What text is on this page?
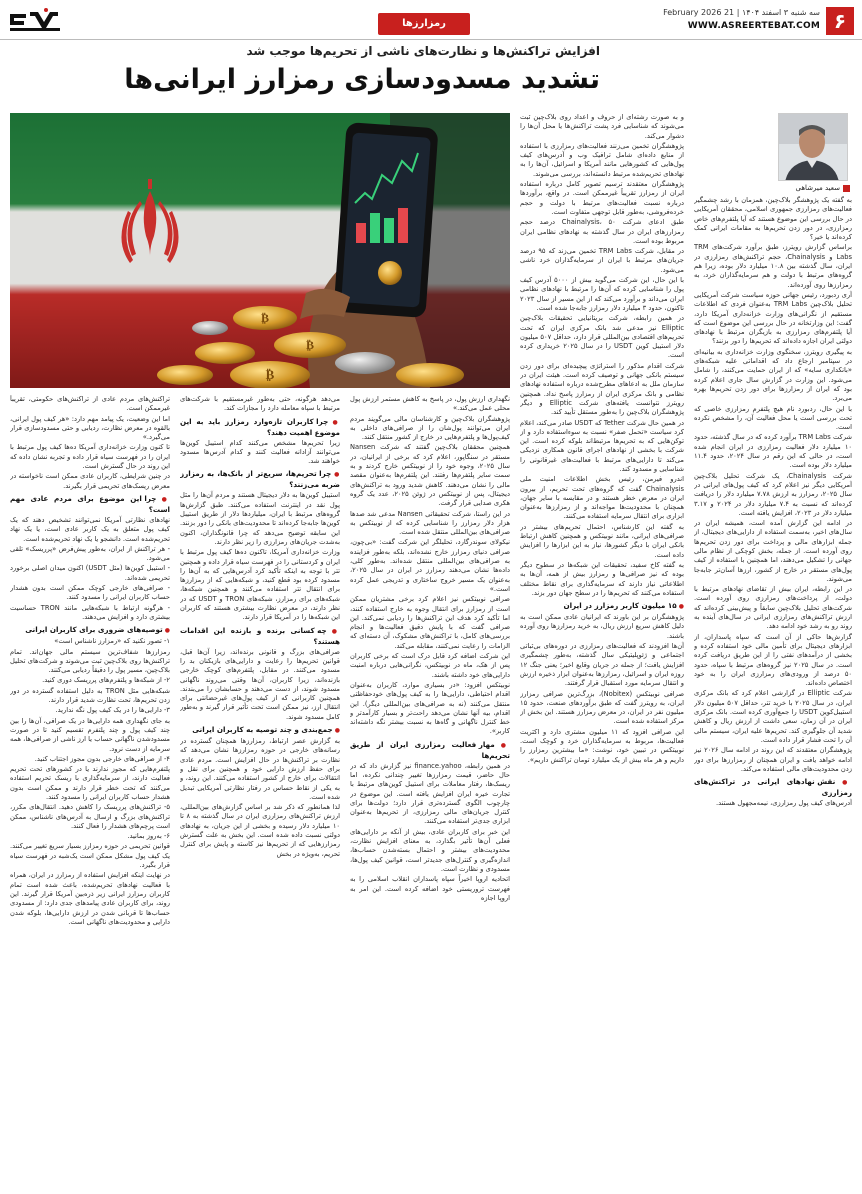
۶
سه شنبه ۳ اسفند ۱۴۰۴ | 21 February 2026
WWW.ASREERTEBAT.COM
رمزارزها
افزایش تراکنش‌ها و نظارت‌های ناشی از تحریم‌ها موجب شد
تشدید مسدودسازی رمزارز ایرانی‌ها
سعید میرشاهی
₿
₿
₿

به گفته یک پژوهشگر بلاک‌چین، همزمان با رشد چشمگیر فعالیت‌های رمزارزی جمهوری اسلامی، محققان آمریکایی در حال بررسی این موضوع هستند که آیا پلتفرم‌های خاص رمزارزی، در دور زدن تحریم‌ها به مقامات ایرانی کمک کرده‌اند یا خیر؟

براساس گزارش رویترز، طبق برآورد شرکت‌های TRM Labs و Chainalysis، حجم تراکنش‌های رمزارزی در ایران، سال گذشته بین ۱۰.۸ میلیارد دلار بوده، زیرا هم گروه‌های مرتبط با دولت و هم سرمایه‌گذاران خرد، به رمزارزها روی آورده‌اند.

آری ردبورد، رئیس جهانی حوزه سیاست شرکت آمریکایی تحلیل بلاک‌چین TRM Labs به‌عنوان فردی که اطلاعات مستقیم از نگرانی‌های وزارت خزانه‌داری آمریکا دارد، گفت: این وزارتخانه در حال بررسی این موضوع است که آیا پلتفرم‌های رمزارزی به بازیگران مرتبط با نهادهای دولتی ایران اجازه داده‌اند که تحریم‌ها را دور بزنند؟

به پیگیری رویترز، سخنگوی وزارت خزانه‌داری به بیانیه‌ای در سپتامبر ارجاع داد که اقداماتی علیه شبکه‌های «بانکداری سایه» که از ایران حمایت می‌کنند، را شامل می‌شود. این وزارت در گزارش سال جاری اعلام کرده بود که ایران از رمزارزها برای دور زدن تحریم‌ها بهره می‌برد.

با این حال، ردبورد نام هیچ پلتفرم رمزارزی خاصی که تحت بررسی است یا محل فعالیت آن، را مشخص نکرده است.

شرکت TRM Labs برآورد کرده که در سال گذشته، حدود ۱۰ میلیارد دلار فعالیت رمزارزی در ایران انجام شده است، در حالی که این رقم در سال ۲۰۲۴، حدود ۱۱.۴ میلیارد دلار بوده است.

شرکت Chainalysis، یک شرکت تحلیل بلاک‌چین آمریکایی دیگر نیز اعلام کرد که کیف پول‌های ایرانی در سال ۲۰۲۵، رمزارز به ارزش ۷.۷۸ میلیارد دلار را دریافت کرده‌اند که نسبت به ۷.۴ میلیارد دلار در ۲۰۲۴ و ۳.۱۷ میلیارد دلار در ۲۰۲۳، افزایش یافته است.

در ادامه این گزارش آمده است، همیشه ایران در سال‌های اخیر، به‌سمت استفاده از دارایی‌های دیجیتال، از جمله ابزارهای مالی و پرداخت برای دور زدن تحریم‌ها روی آورده است. از جمله، بخش کوچکی از نظام مالی جهانی را تشکیل می‌دهند، اما همچنین با استفاده از کیف پول‌های مستقر در خارج از کشور، ارزها آسان‌تر جابه‌جا می‌شوند.

در این رابطه، ایران بیش از تقاضای نهادهای مرتبط با دولت، از پرداخت‌های رمزارزی روی آورده است. شرکت‌های تحلیل بلاک‌چین سابقاً و پیش‌بینی کرده‌اند که ارزش تراکنش‌های رمزارزی ایرانی در سال‌های آینده به روند رو به رشد خود ادامه دهد.

گزارش‌ها حاکی از آن است که سپاه پاسداران، از ابزارهای دیجیتال برای تأمین مالی خود استفاده کرده و بخشی از درآمدهای نفتی را از این طریق دریافت کرده است. در سال ۲۰۲۵ نیز گروه‌های مرتبط با سپاه، حدود ۵۰ درصد از ورودی‌های رمزارزی ایران را به خود اختصاص داده‌اند.

شرکت Elliptic در گزارشی اعلام کرد که بانک مرکزی ایران، در سال ۲۰۲۵ با خرید تتر، حداقل ۵۰۷ میلیون دلار استیبل‌کوین USDT را جمع‌آوری کرده است. بانک مرکزی ایران در آن زمان، سعی داشت از ارزش ریال و کاهش شدید آن جلوگیری کند. تحریم‌ها علیه ایران، سیستم مالی آن را تحت فشار قرار داده است.

پژوهشگران معتقدند که این روند در ادامه سال ۲۰۲۶ نیز ادامه خواهد یافت و ایران همچنان از رمزارزها برای دور زدن محدودیت‌های مالی استفاده می‌کند.

● نقش نهادهای ایرانی در تراکنش‌های رمزارزی

آدرس‌های کیف پول رمزارزی، نیمه‌مجهول هستند.

و به صورت رشته‌ای از حروف و اعداد روی بلاک‌چین ثبت می‌شوند که شناسایی فرد پشت تراکنش‌ها یا محل آن‌ها را دشوار می‌کند.

پژوهشگران تخمین می‌زنند فعالیت‌های رمزارزی با استفاده از منابع داده‌ای شامل ترافیک وب و آدرس‌های کیف پول‌هایی که کشورهایی مانند آمریکا و اسرائیل، آن‌ها را به نهادهای تحریم‌شده مرتبط دانسته‌اند، بررسی می‌شوند.

پژوهشگران معتقدند ترسیم تصویر کامل درباره استفاده ایران از رمزارز تقریباً غیرممکن است. در واقع، برآوردها درباره نسبت فعالیت‌های مرتبط با دولت و حجم خرده‌فروشی، به‌طور قابل توجهی متفاوت است.

طبق ادعای شرکت Chainalysis، ۵۰ درصد حجم رمزارزهای ایران در سال گذشته به نهادهای نظامی ایران مربوط بوده است.

در مقابل، شرکت TRM Labs تخمین می‌زند که ۹۵ درصد جریان‌های مرتبط با ایران از سرمایه‌گذاران خرد ناشی می‌شود.

با این حال، این شرکت می‌گوید بیش از ۵۰۰۰ آدرس کیف پول را شناسایی کرده که آن‌ها را مرتبط با نهادهای نظامی ایران می‌داند و برآورد می‌کند که از این مسیر از سال ۲۰۲۳ تاکنون، حدود ۳ میلیارد دلار رمزارز جابه‌جا شده است.

در همین رابطه، شرکت بریتانیایی تحقیقات بلاک‌چین Elliptic نیز مدعی شد بانک مرکزی ایران که تحت تحریم‌های اقتصادی بین‌المللی قرار دارد، حداقل ۵۰۷ میلیون دلار استیبل کوین USDT را در سال ۲۰۲۵ خریداری کرده است.

شرکت اقدام مذکور را استراتژی پیچیده‌ای برای دور زدن سیستم بانکی جهانی و توصیف کرده است. هیئت ایران در سازمان ملل به ادعاهای مطرح‌شده درباره استفاده نهادهای نظامی و بانک مرکزی ایران از رمزارز پاسخ نداد. همچنین رویترز نتوانست یافته‌های شرکت Elliptic و دیگر پژوهشگران بلاک‌چین را به‌طور مستقل تأیید کند.

در همین حال شرکت Tether که USDT صادر می‌کند، اعلام کرد سیاست «تحمل صفر» نسبت به سوءاستفاده دارد و از توکن‌هایی که به تحریم‌ها مرتبط‌اند بلوکه کرده است. این شرکت با بخشی از نهادهای اجرای قانون همکاری نزدیکی می‌کند تا دارایی‌های مرتبط با فعالیت‌های غیرقانونی را شناسایی و مسدود کند.

اندرو فیرمن، رئیس بخش اطلاعات امنیت ملی Chainalysis گفت که گروه‌های تحت تحریم، از بیرون ایران در معرض خطر هستند و در مقایسه با سایر جهان، همچنان با محدودیت‌ها مواجه‌اند و از رمزارزها به‌عنوان ابزاری برای انتقال سرمایه استفاده می‌کنند.

به گفته این کارشناس، احتمال تحریم‌های بیشتر در صرافی‌های ایرانی، مانند نوبیتکس و همچنین کاهش ارتباط بانکی ایران با دیگر کشورها، نیاز به این ابزارها را افزایش داده است.

به گفته کاخ سفید، تحقیقات این شبکه‌ها در سطوح دیگر بوده که نیز صرافی‌ها و رمزارز بیش از همه، آن‌ها به اطلاعاتی نیاز دارند که سرمایه‌گذاری برای نقاط مختلف استفاده می‌کنند که تحریم‌ها را در سطح جهان دور بزند.

● ۱۵ میلیون کاربر رمزارز در ایران

پژوهشگران بر این باورند که ایرانیان عادی ممکن است به دلیل کاهش سریع ارزش ریال، به خرید رمزارزها روی آورده باشند.

آن‌ها افزودند که فعالیت‌های رمزارزی در دوره‌های بی‌ثباتی اجتماعی و ژئوپلیتیکی سال گذشته، به‌طور چشمگیری افزایش یافت؛ از جمله در جریان وقایع اخیر؛ یعنی جنگ ۱۲ روزه ایران و اسرائیل، رمزارزها به‌عنوان ابزار ذخیره ارزش و انتقال سرمایه مورد استقبال قرار گرفتند.

صرافی نوبیتکس (Nobitex)، بزرگ‌ترین صرافی رمزارز ایران، به رویترز گفت که طبق برآوردهای صنعت، حدود ۱۵ میلیون نفر در ایران، در معرض رمزارز هستند. این بخش از مرکز استفاده شده است.

این صرافی افزود که ۱۱ میلیون مشتری دارد و اکثریت فعالیت‌ها، مربوط به سرمایه‌گذاران خرد و کوچک است. نوبیتکس در تبیین خود، نوشت: «ما بیشترین رمزارز را داریم و هر ماه بیش از یک میلیارد تومان تراکنش داریم».

نگهداری ارزش پول، در پاسخ به کاهش مستمر ارزش پول محلی عمل می‌کند.»

پژوهشگران بلاک‌چین و کارشناسان مالی می‌گویند مردم ایران می‌توانند پول‌شان را از صرافی‌های داخلی به کیف‌پول‌ها و پلتفرم‌هایی در خارج از کشور منتقل کنند.

همچنین محققان بلاک‌چین گفتند که شرکت Nansen مستقر در سنگاپور، اعلام کرد که برخی از ایرانیان، در سال ۲۰۲۵، وجوه خود را از نوبیتکس خارج کردند و به سمت سایر پلتفرم‌ها رفتند. این پلتفرم‌ها به‌عنوان مقصد مالی را نشان می‌دهند. کاهش شدید ورود به تراکنش‌های دیجیتال، پس از نوبیتکس در ژوئن ۲۰۲۵، عدد یک گروه هکری صدایی قرار گرفت.

در این راستا، شرکت تحقیقاتی Nansen مدعی شد صدها هزار دلار رمزارز را شناسایی کرده که از نوبیتکس به صرافی‌های بین‌المللی منتقل شده است.

نیکولای سوندرگارد، تحلیلگر این شرکت گفت: «بی‌چون، صرافی دنیای رمزارز خارج نشده‌اند، بلکه به‌طور فزاینده به صرافی‌های بین‌المللی منتقل شده‌اند. به‌طور کلی، داده‌ها نشان می‌دهند رمزارز در ایران در سال ۲۰۲۵، به‌عنوان یک مسیر خروج ساختاری و تدریجی عمل کرده است.»

صرافی نوبیتکس نیز اعلام کرد برخی مشتریان ممکن است از رمزارز برای انتقال وجوه به خارج استفاده کنند، اما تأکید کرد هدف این تراکنش‌ها را ردیابی نمی‌کند. این صرافی گفت که با پایش دقیق فعالیت‌ها و انجام بررسی‌های کامل، با تراکنش‌های مشکوک، آن دسته‌ای که الزامات را رعایت نمی‌کنند، مقابله می‌کند.

این شرکت اضافه کرد قابل درک است که برخی کاربران پس از هک، ماه در نوبیتکس، نگرانی‌هایی درباره امنیت دارایی‌های خود داشته باشند.

نوبیتکس افزود: «در بسیاری موارد، کاربران به‌عنوان اقدام احتیاطی، دارایی‌ها را به کیف پول‌های خودحفاظتی منتقل می‌کنند (نه به صرافی‌های بین‌المللی دیگر). این اقدام، بیه آنها نشان می‌دهد راحت‌تر و بسیار کارآمدتر و خط کنترل ناگهانی و گاه‌ها به نسبت بیشتر نگه داشته‌اند کاربر».

● مهار فعالیت رمزارزی ایران از طریق تحریم‌ها

در همین رابطه، finance.yahoo نیز گزارش داد که در حال حاضر، قیمت رمزارزها تغییر چندانی نکرده، اما ریسک‌ها، رفتار معاملات برای استیبل کوین‌های مرتبط با تجارت خیره ایران افزایش یافته است. این موضوع در چارچوب الگوی گسترده‌تری قرار دارد؛ دولت‌ها برای کنترل جریان‌های مالی رمزارزی، از تحریم‌ها به‌عنوان ابزاری جدی‌تر استفاده می‌کنند.

این خبر برای کاربران عادی، بیش از آنکه بر دارایی‌های فعلی آن‌ها تأثیر بگذارد، به معنای افزایش نظارت، محدودیت‌های بیشتر و احتمال بسته‌شدن حساب‌ها، اندازه‌گیری و کنترل‌های جدیدتر است، قوانین کیف پول‌ها، مسدودی و نظارت است.

اتحادیه اروپا اخیراً سپاه پاسداران انقلاب اسلامی را به فهرست تروریستی خود اضافه کرده است. این امر به اروپا اجازه

می‌دهد هرگونه، حتی به‌طور غیرمستقیم با شرکت‌های مرتبط با سپاه معامله دارد را مجازات کند.

● چرا کاربران تازه‌وارد رمزارز باید به این موضوع اهمیت دهند؟

زیرا تحریم‌ها مشخص می‌کنند کدام استیبل کوین‌ها می‌توانند آزادانه فعالیت کنند و کدام آدرس‌ها مسدود خواهند شد.

● چرا تحریم‌ها، سریع‌تر از بانک‌ها، به رمزارز ضربه می‌زنند؟

استیبل کوین‌ها به دلار دیجیتال هستند و مردم آن‌ها را مثل پول نقد در اینترنت استفاده می‌کنند. طبق گزارش‌ها گروه‌های مرتبط با ایران، میلیاردها دلار از طریق استیبل کوین‌ها جابه‌جا کرده‌اند تا محدودیت‌های بانکی را دور بزنند. این سابقه توضیح می‌دهد که چرا قانونگذاران، اکنون به‌شدت جریان‌های رمزارزی را زیر نظر دارند.

وزارت خزانه‌داری آمریکا، تاکنون ده‌ها کیف پول مرتبط با ایران و کردستانی را در فهرست سیاه قرار داده و همچنین تتر با توجه به اینکه تأکید کرد آدرس‌هایی که به آن‌ها را مسدود کرده بود قطع کنید، و شبکه‌هایی که از رمزارزها برای انتقال تتر استفاده می‌کنند و همچنین شبکه‌ها، شبکه‌های برای رمزارز، شبکه‌های TRON و USDT که در نظر دارند، در معرض نظارت بیشتری هستند که کاربران این شبکه‌ها را در آمریکا قرار دارند.

● چه کسانی برنده و بازنده این اقدامات هستند؟

صرافی‌های بزرگ و قانونی برنده‌اند، زیرا آن‌ها قبل، قوانین تحریم‌ها را رعایت و دارایی‌های بازیکنان بد را مسدود می‌کنند. در مقابل، پلتفرم‌های کوچک خارجی بازنده‌اند، زیرا کاربران، آن‌ها وقتی می‌روند ناگهانی مسدود شوند، از دست می‌دهند و حسابشان را می‌بندند. همچنین کاربرانی که از کیف پول‌های غیرحضانتی برای انتقال ارز، نیز ممکن است تحت تأثیر قرار گیرند و به‌طور کامل مسدود شوند.

● جمع‌بندی و چند توصیه به کاربران ایرانی

به گزارش عصر ارتباط، رمزارزها همچنان گسترده در رسانه‌های خارجی در حوزه رمزارزها نشان می‌دهد که نظارت بر تراکنش‌ها در حال افزایش است. مردم عادی برای حفظ ارزش دارایی خود و همچنین برای نقل و انتقالات برای خارج از کشور استفاده می‌کنند. این روند، و به یکی از نقاط حساس در رفتار نظارتی آمریکایی تبدیل شده است.

لذا همانطور که ذکر شد بر اساس گزارش‌های بین‌المللی، ارزش تراکنش‌های رمزارزی ایران در سال گذشته به ۸ تا ۱۰ میلیارد دلار رسیده و بخشی از این جریان، به نهادهای دولتی نسبت داده شده است. این بخش به علت گسترش رمزارزهایی که از تحریم‌ها نیز کاسته و پایش برای کنترل تحریم، به‌ویژه در بخش

تراکنش‌های مردم عادی از تراکنش‌های حکومتی، تقریباً غیرممکن است.

اما این وضعیت، یک پیامد مهم دارد: «هر کیف پول ایرانی، بالقوه در معرض نظارت، ردیابی و حتی مسدودسازی قرار می‌گیرد.»

تا کنون وزارت خزانه‌داری آمریکا ده‌ها کیف پول مرتبط با ایران را در فهرست سیاه قرار داده و تجربه نشان داده که این روند در حال گسترش است.

در چنین شرایطی، کاربران عادی ممکن است ناخواسته در معرض ریسک‌های تحریمی قرار بگیرند.

● چرا این موضوع برای مردم عادی مهم است؟

نهادهای نظارتی آمریکا نمی‌توانند تشخیص دهند که یک کیف پول متعلق به یک کاربر عادی است، یا یک نهاد تحریم‌شده است. دانشجو یا یک نهاد تحریم‌شده است.

- هر تراکنش از ایران، به‌طور پیش‌فرض «پرریسک» تلقی می‌شود.

- استیبل کوین‌ها (مثل USDT) اکنون میدان اصلی برخورد تحریمی شده‌اند.

- صرافی‌های خارجی کوچک ممکن است بدون هشدار حساب کاربران ایرانی را مسدود کنند.

- هرگونه ارتباط با شبکه‌هایی مانند TRON حساسیت بیشتری دارد و افزایش می‌دهند.

● توصیه‌های ضروری برای کاربران ایرانی

۱- تصور نکنید که «رمزارز ناشناس است»

رمزارزها شفاف‌ترین سیستم مالی جهان‌اند. تمام تراکنش‌ها روی بلاک‌چین ثبت می‌شوند و شرکت‌های تحلیل بلاک‌چین، مسیر پول را دقیقاً ردیابی می‌کنند.

۲- از شبکه‌ها و پلتفرم‌های پرریسک دوری کنید.

شبکه‌هایی مثل TRON به دلیل استفاده گسترده در دور زدن تحریم‌ها، تحت نظارت شدید قرار دارند.

۳- دارایی‌ها را در یک کیف پول نگه ندارید.

به جای نگهداری همه دارایی‌ها در یک صرافی، آن‌ها را بین چند کیف پول و چند پلتفرم تقسیم کنید تا در صورت مسدودشدن ناگهانی حساب یا ارز ناشی از صرافی‌ها، همه سرمایه از دست نرود.

۴- از صرافی‌های خارجی بدون مجوز اجتناب کنید.

پلتفرم‌هایی که مجوز ندارند یا در کشورهای تحت تحریم فعالیت دارند، از سرمایه‌گذاری با ریسک تحریم استفاده می‌کنند که تحت خطر قرار دارند و ممکن است بدون هشدار حساب کاربران ایرانی را مسدود کنند.

۵- تراکنش‌های پرریسک را کاهش دهید. انتقال‌های مکرر، تراکنش‌های بزرگ و ارسال به آدرس‌های ناشناس، ممکن است پرچم‌های هشدار را فعال کنند.

۶- به‌روز بمانید.

قوانین تحریمی در حوزه رمزارز بسیار سریع تغییر می‌کنند. یک کیف پول مشکل ممکن است یک‌شبه در فهرست سیاه قرار بگیرد.

در نهایت اینکه افزایش استفاده از رمزارز در ایران، همراه با فعالیت نهادهای تحریم‌شده، باعث شده است تمام کاربران رمزارز ایرانی زیر ذره‌بین آمریکا قرار گیرند. این روند، برای کاربران عادی پیامدهای جدی دارد: از مسدودی حساب‌ها تا قربانی شدن در ارزش دارایی‌ها، بلوکه شدن دارایی و محدودیت‌های ناگهانی است.
